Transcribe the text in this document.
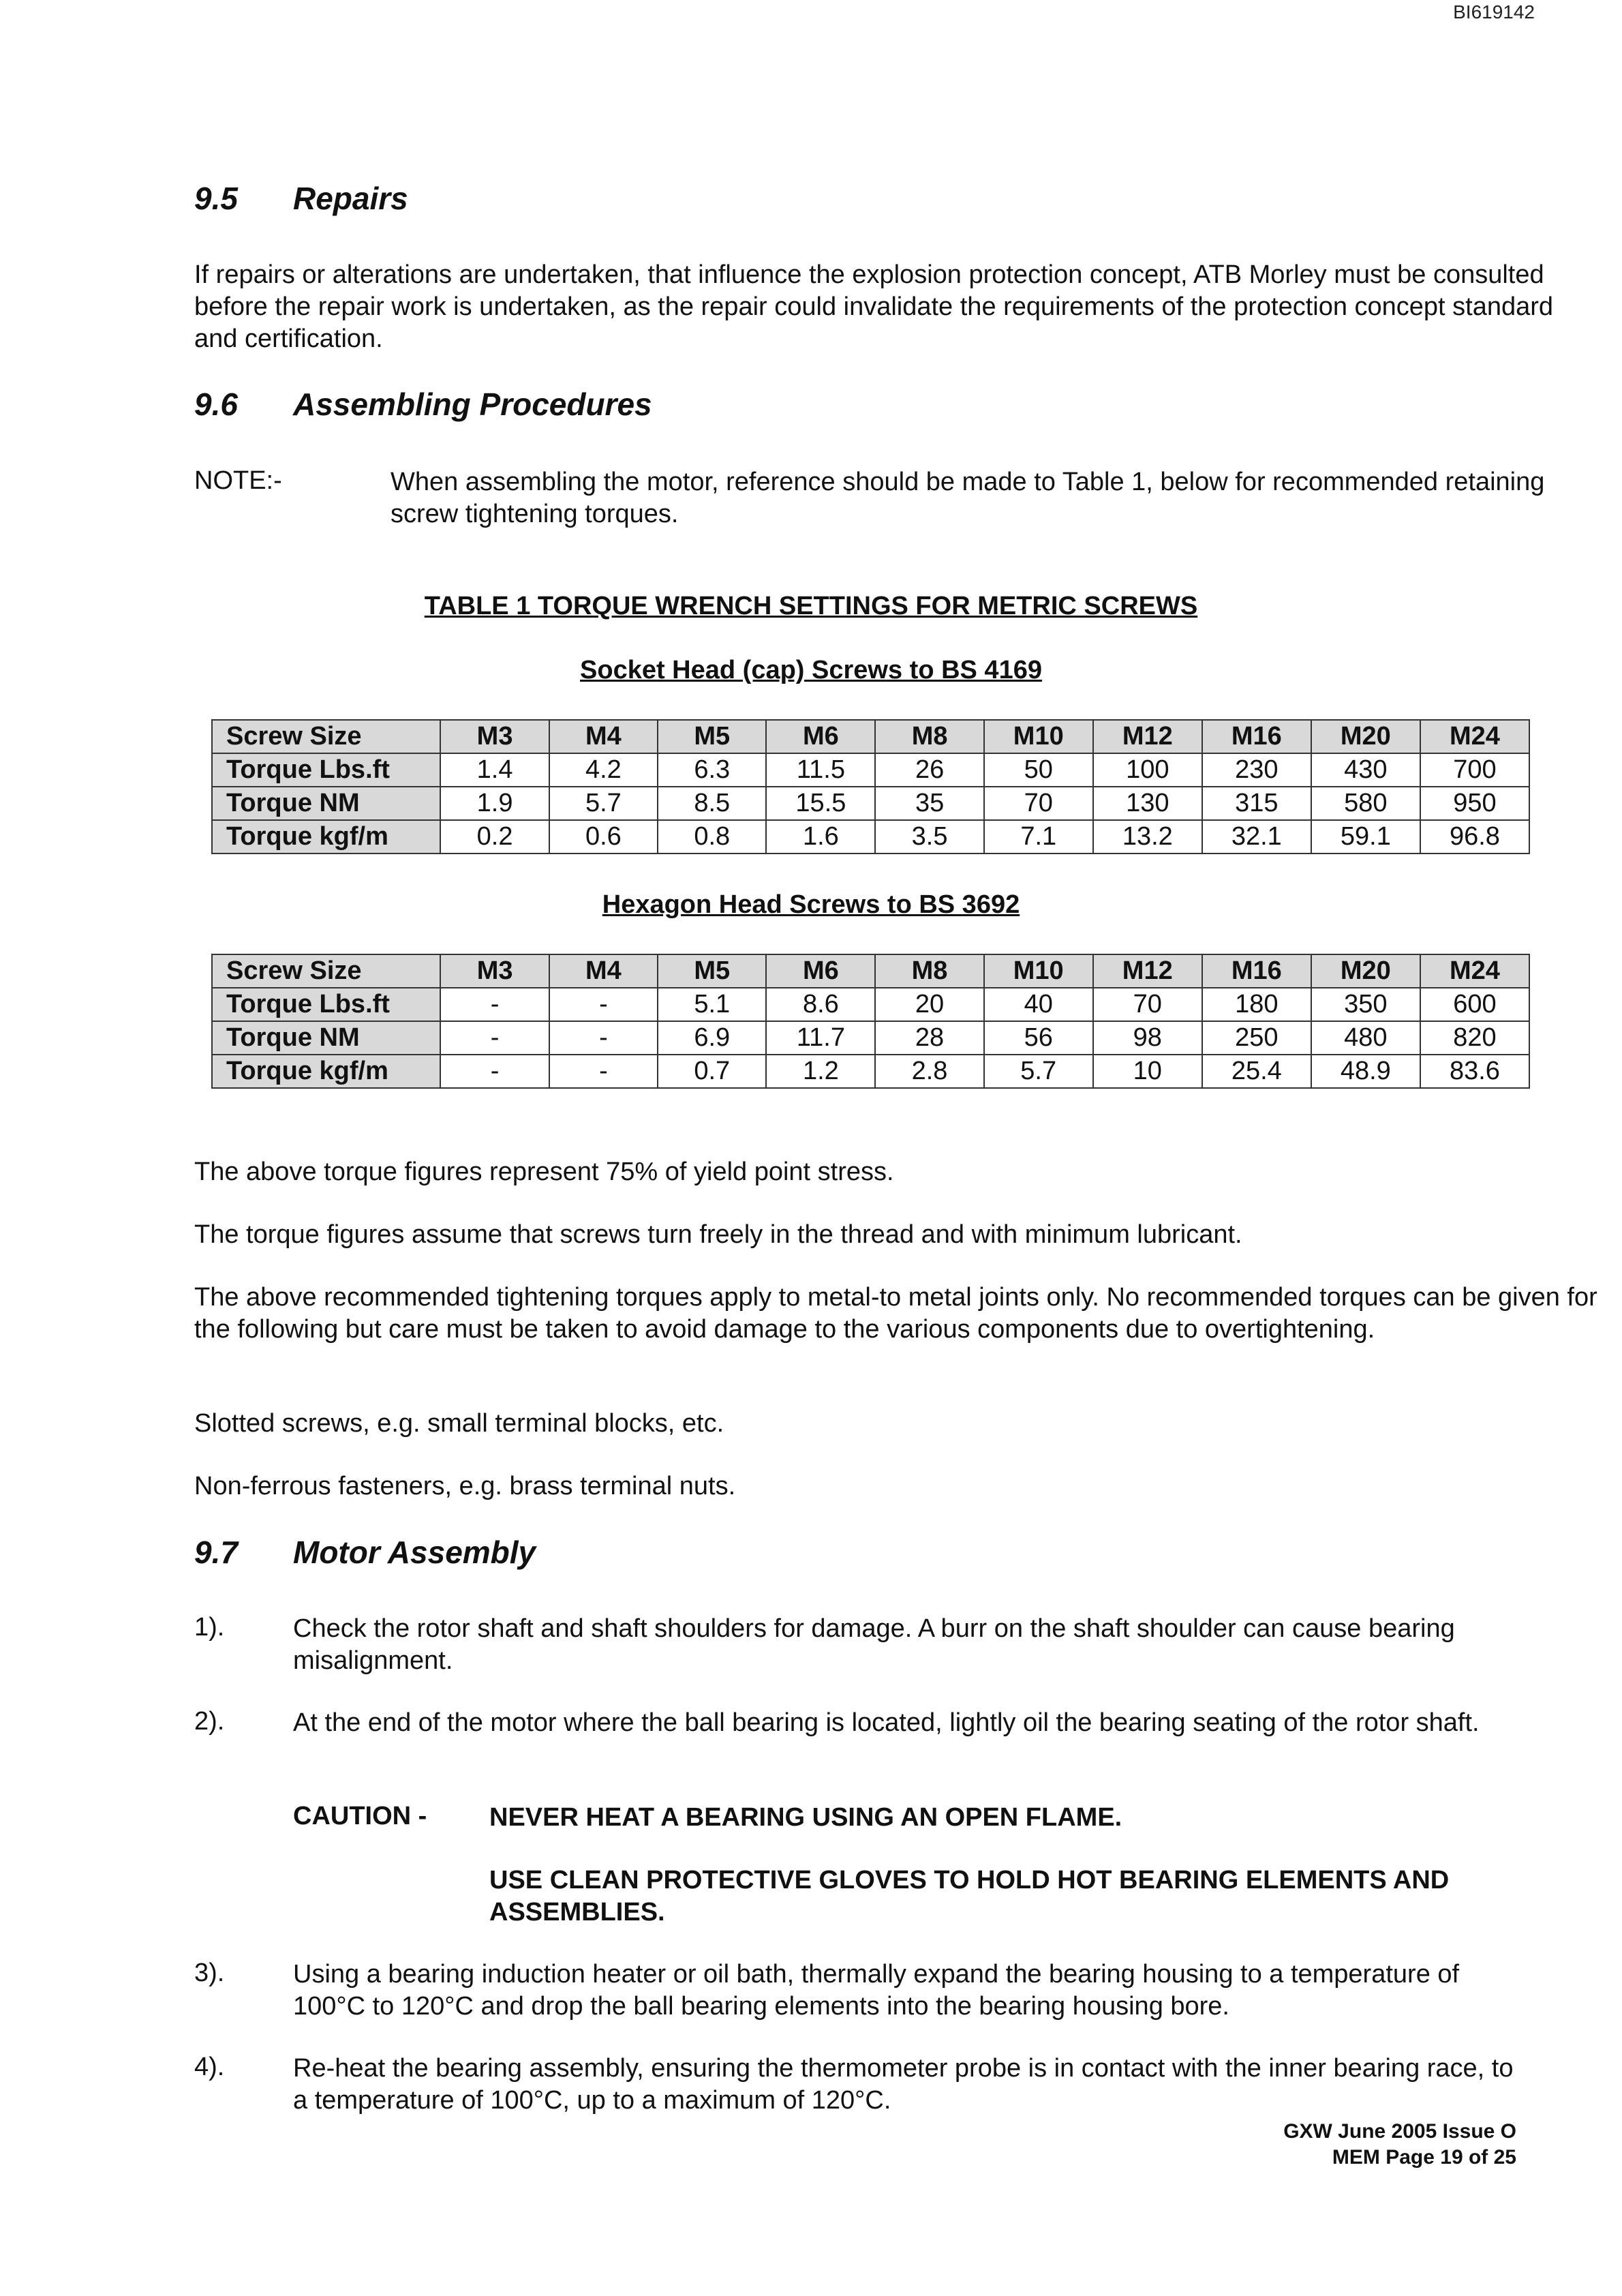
BI619142
9.5 Repairs
If repairs or alterations are undertaken, that influence the explosion protection concept, ATB Morley must be consulted before the repair work is undertaken, as the repair could invalidate the requirements of the protection concept standard and certification.
9.6 Assembling Procedures
NOTE:-	When assembling the motor, reference should be made to Table 1, below for recommended retaining screw tightening torques.
TABLE 1 TORQUE WRENCH SETTINGS FOR METRIC SCREWS
Socket Head (cap) Screws to BS 4169
Screw Size	M3	M4	M5	M6	M8	M10	M12	M16	M20	M24
Torque Lbs.ft	1.4	4.2	6.3	11.5	26	50	100	230	430	700
Torque NM	1.9	5.7	8.5	15.5	35	70	130	315	580	950
Torque kgf/m	0.2	0.6	0.8	1.6	3.5	7.1	13.2	32.1	59.1	96.8
Hexagon Head Screws to BS 3692
Screw Size	M3	M4	M5	M6	M8	M10	M12	M16	M20	M24
Torque Lbs.ft	-	-	5.1	8.6	20	40	70	180	350	600
Torque NM	-	-	6.9	11.7	28	56	98	250	480	820
Torque kgf/m	-	-	0.7	1.2	2.8	5.7	10	25.4	48.9	83.6
The above torque figures represent 75% of yield point stress.
The torque figures assume that screws turn freely in the thread and with minimum lubricant.
The above recommended tightening torques apply to metal-to metal joints only. No recommended torques can be given for the following but care must be taken to avoid damage to the various components due to overtightening.
Slotted screws, e.g. small terminal blocks, etc.
Non-ferrous fasteners, e.g. brass terminal nuts.
9.7 Motor Assembly
1).	Check the rotor shaft and shaft shoulders for damage. A burr on the shaft shoulder can cause bearing misalignment.
2).	At the end of the motor where the ball bearing is located, lightly oil the bearing seating of the rotor shaft.
CAUTION - NEVER HEAT A BEARING USING AN OPEN FLAME.
USE CLEAN PROTECTIVE GLOVES TO HOLD HOT BEARING ELEMENTS AND ASSEMBLIES.
3).	Using a bearing induction heater or oil bath, thermally expand the bearing housing to a temperature of 100°C to 120°C and drop the ball bearing elements into the bearing housing bore.
4).	Re-heat the bearing assembly, ensuring the thermometer probe is in contact with the inner bearing race, to a temperature of 100°C, up to a maximum of 120°C.
GXW June 2005 Issue O
MEM Page 19 of 25
